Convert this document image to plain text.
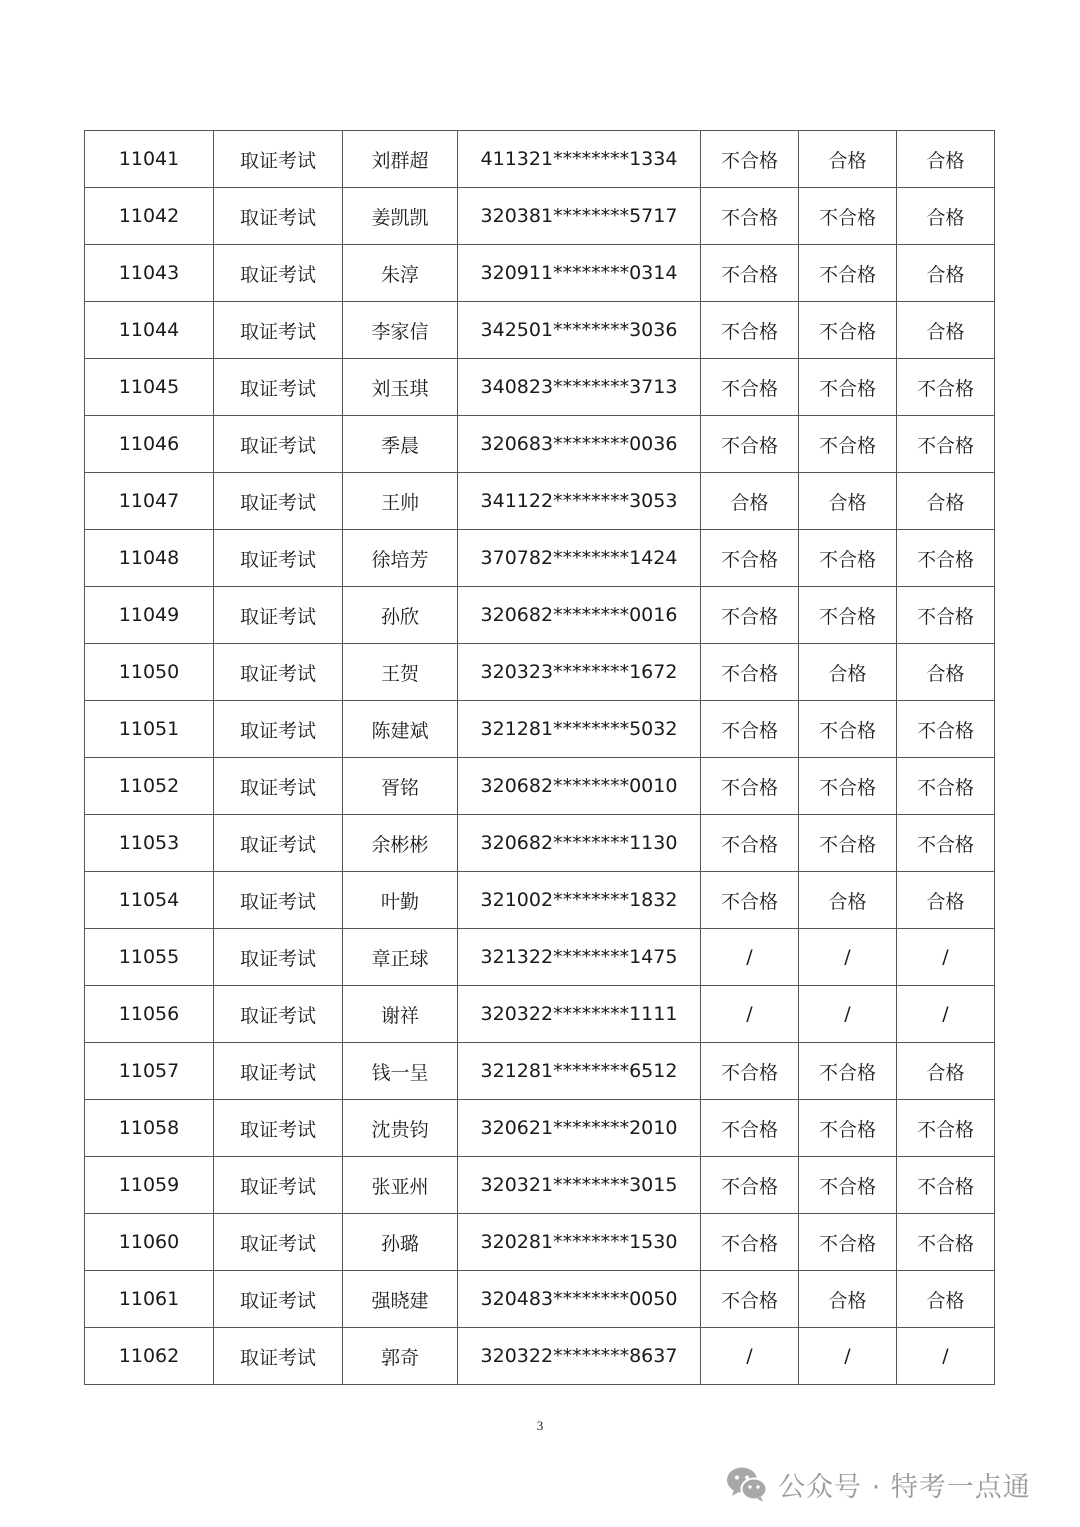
11041	取证考试	刘群超	411321********1334	不合格	合格	合格
11042	取证考试	姜凯凯	320381********5717	不合格	不合格	合格
11043	取证考试	朱淳	320911********0314	不合格	不合格	合格
11044	取证考试	李家信	342501********3036	不合格	不合格	合格
11045	取证考试	刘玉琪	340823********3713	不合格	不合格	不合格
11046	取证考试	季晨	320683********0036	不合格	不合格	不合格
11047	取证考试	王帅	341122********3053	合格	合格	合格
11048	取证考试	徐培芳	370782********1424	不合格	不合格	不合格
11049	取证考试	孙欣	320682********0016	不合格	不合格	不合格
11050	取证考试	王贺	320323********1672	不合格	合格	合格
11051	取证考试	陈建斌	321281********5032	不合格	不合格	不合格
11052	取证考试	胥铭	320682********0010	不合格	不合格	不合格
11053	取证考试	余彬彬	320682********1130	不合格	不合格	不合格
11054	取证考试	叶勤	321002********1832	不合格	合格	合格
11055	取证考试	章正球	321322********1475	/	/	/
11056	取证考试	谢祥	320322********1111	/	/	/
11057	取证考试	钱一呈	321281********6512	不合格	不合格	合格
11058	取证考试	沈贵钧	320621********2010	不合格	不合格	不合格
11059	取证考试	张亚州	320321********3015	不合格	不合格	不合格
11060	取证考试	孙璐	320281********1530	不合格	不合格	不合格
11061	取证考试	强晓建	320483********0050	不合格	合格	合格
11062	取证考试	郭奇	320322********8637	/	/	/
3
公众号 · 特考一点通
